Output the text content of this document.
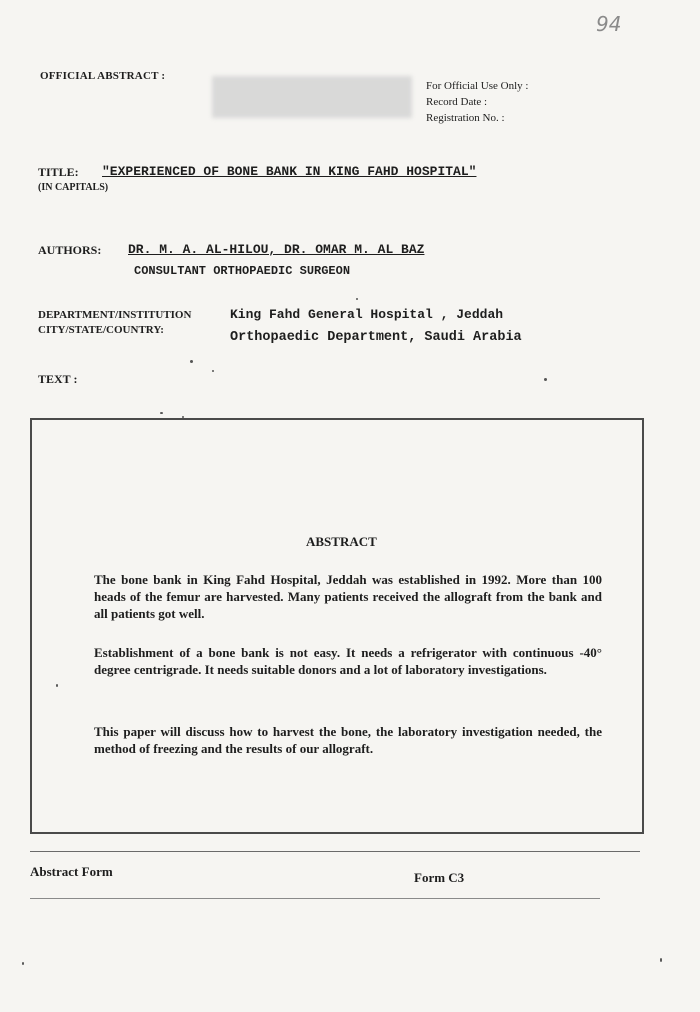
94
OFFICIAL ABSTRACT :
For Official Use Only :
Record Date :
Registration No. :
TITLE: "EXPERIENCED OF BONE BANK IN KING FAHD HOSPITAL"
(IN CAPITALS)
AUTHORS: DR. M. A. AL-HILOU, DR. OMAR M. AL BAZ
CONSULTANT ORTHOPAEDIC SURGEON
DEPARTMENT/INSTITUTION
CITY/STATE/COUNTRY:
King Fahd General Hospital , Jeddah
Orthopaedic Department, Saudi Arabia
TEXT :
ABSTRACT
The bone bank in King Fahd Hospital, Jeddah was established in 1992. More than 100 heads of the femur are harvested. Many patients received the allograft from the bank and all patients got well.
Establishment of a bone bank is not easy. It needs a refrigerator with continuous -40° degree centrigrade. It needs suitable donors and a lot of laboratory investigations.
This paper will discuss how to harvest the bone, the laboratory investigation needed, the method of freezing and the results of our allograft.
Abstract Form	Form C3
